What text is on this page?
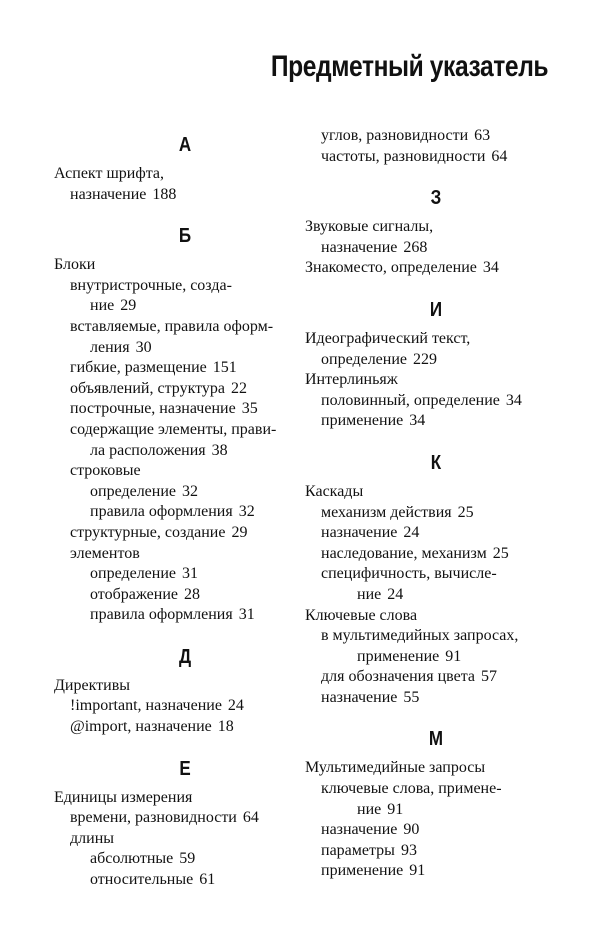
Предметный указатель
А
Аспект шрифта,
назначение 188
Б
Блоки
внутристрочные, созда-
ние 29
вставляемые, правила оформ-
ления 30
гибкие, размещение 151
объявлений, структура 22
построчные, назначение 35
содержащие элементы, прави-
ла расположения 38
строковые
определение 32
правила оформления 32
структурные, создание 29
элементов
определение 31
отображение 28
правила оформления 31
Д
Директивы
!important, назначение 24
@import, назначение 18
Е
Единицы измерения
времени, разновидности 64
длины
абсолютные 59
относительные 61
углов, разновидности 63
частоты, разновидности 64
З
Звуковые сигналы,
назначение 268
Знакоместо, определение 34
И
Идеографический текст,
определение 229
Интерлиньяж
половинный, определение 34
применение 34
К
Каскады
механизм действия 25
назначение 24
наследование, механизм 25
специфичность, вычисле-
ние 24
Ключевые слова
в мультимедийных запросах,
применение 91
для обозначения цвета 57
назначение 55
М
Мультимедийные запросы
ключевые слова, примене-
ние 91
назначение 90
параметры 93
применение 91
